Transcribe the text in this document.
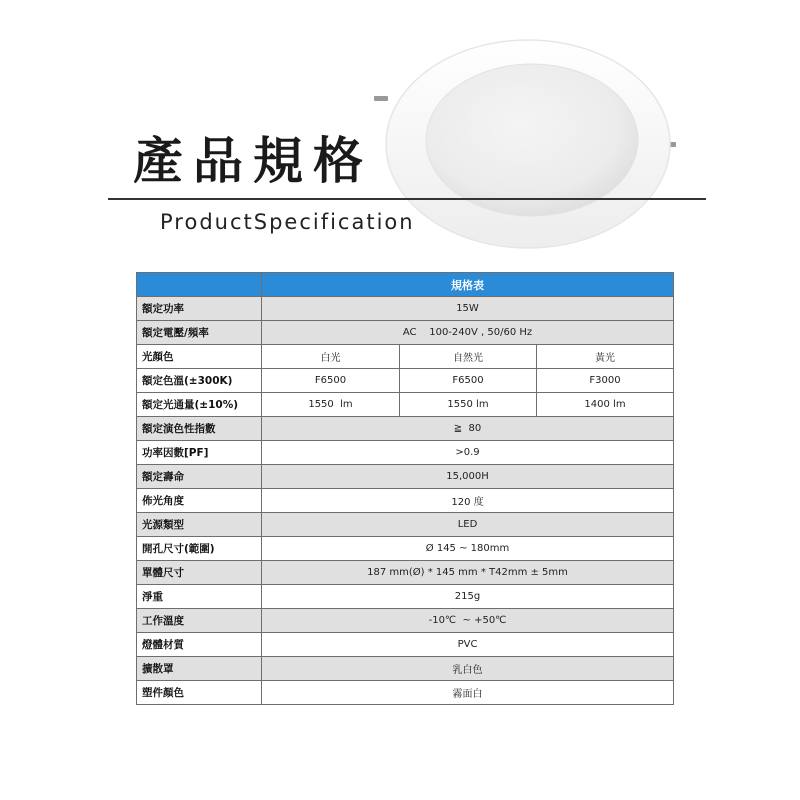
產品規格
ProductSpecification
	規格表		
額定功率	15W		
額定電壓/頻率	AC    100-240V , 50/60 Hz		
光顏色	白光	自然光	黃光
額定色溫(±300K)	F6500	F6500	F3000
額定光通量(±10%)	1550  lm	1550 lm	1400 lm
額定演色性指數	≧  80		
功率因數[PF]	>0.9		
額定壽命	15,000H		
佈光角度	120 度		
光源類型	LED		
開孔尺寸(範圍)	Ø 145 ~ 180mm		
單體尺寸	187 mm(Ø) * 145 mm * T42mm ± 5mm		
淨重	215g		
工作溫度	-10℃  ~ +50℃		
燈體材質	PVC		
擴散罩	乳白色		
塑件顏色	霧面白		
